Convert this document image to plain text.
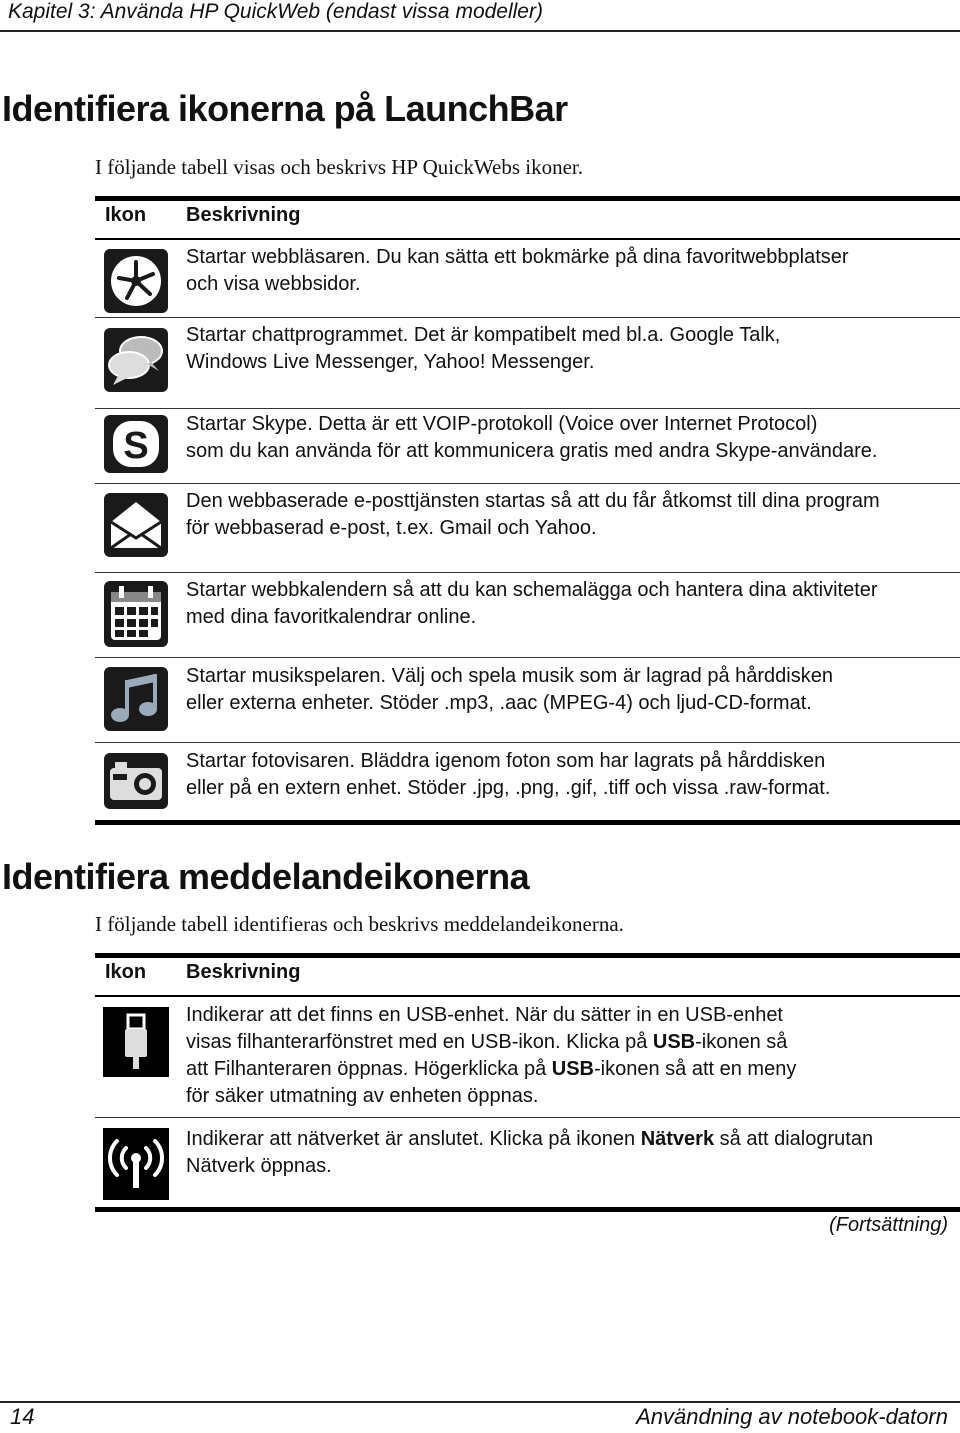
Kapitel 3: Använda HP QuickWeb (endast vissa modeller)
Identifiera ikonerna på LaunchBar
I följande tabell visas och beskrivs HP QuickWebs ikoner.
Ikon Beskrivning
Startar webbläsaren. Du kan sätta ett bokmärke på dina favoritwebbplatser
och visa webbsidor.
Startar chattprogrammet. Det är kompatibelt med bl.a. Google Talk,
Windows Live Messenger, Yahoo! Messenger.
S
Startar Skype. Detta är ett VOIP-protokoll (Voice over Internet Protocol)
som du kan använda för att kommunicera gratis med andra Skype-användare.
Den webbaserade e-posttjänsten startas så att du får åtkomst till dina program
för webbaserad e-post, t.ex. Gmail och Yahoo.
Startar webbkalendern så att du kan schemalägga och hantera dina aktiviteter
med dina favoritkalendrar online.
Startar musikspelaren. Välj och spela musik som är lagrad på hårddisken
eller externa enheter. Stöder .mp3, .aac (MPEG-4) och ljud-CD-format.
Startar fotovisaren. Bläddra igenom foton som har lagrats på hårddisken
eller på en extern enhet. Stöder .jpg, .png, .gif, .tiff och vissa .raw-format.
Identifiera meddelandeikonerna
I följande tabell identifieras och beskrivs meddelandeikonerna.
Ikon Beskrivning
Indikerar att det finns en USB-enhet. När du sätter in en USB-enhet
visas filhanterarfönstret med en USB-ikon. Klicka på USB-ikonen så
att Filhanteraren öppnas. Högerklicka på USB-ikonen så att en meny
för säker utmatning av enheten öppnas.
Indikerar att nätverket är anslutet. Klicka på ikonen Nätverk så att dialogrutan
Nätverk öppnas.
(Fortsättning)
14	Användning av notebook-datorn
